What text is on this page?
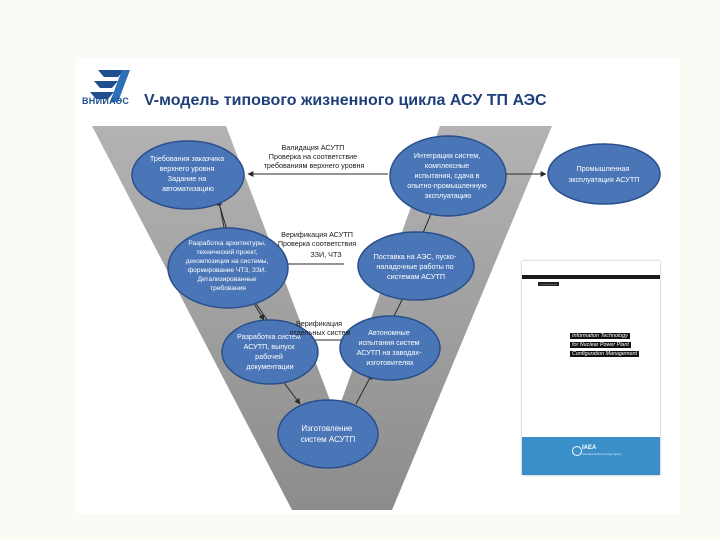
ВНИИАЭС V-модель типового жизненного цикла АСУ ТП АЭС
Требования заказчика верхнего уровня Задание на автоматизацию
Разработка архитектуры, технический проект, декомпозиция на системы, формирование ЧТЗ, ЗЗИ. Детализированные требования
Разработка систем АСУТП, выпуск рабочей документации
Изготовление систем АСУТП
Автономные испытания систем АСУТП на заводах- изготовителях
Поставка на АЭС, пуско- наладочные работы по системам АСУТП
Интеграция систем, комплексные испытания, сдача в опытно-промышленную эксплуатацию
Промышленная эксплуатация АСУТП
Валидация АСУТП Проверка на соответствие требованиям верхнего уровня
Верификация АСУТП Проверка соответствия ЗЗИ, ЧТЗ
Верификация отдельных систем
-----------------
Information Technology
for Nuclear Power Plant
Configuration Management
IAEA
International Atomic Energy Agency
